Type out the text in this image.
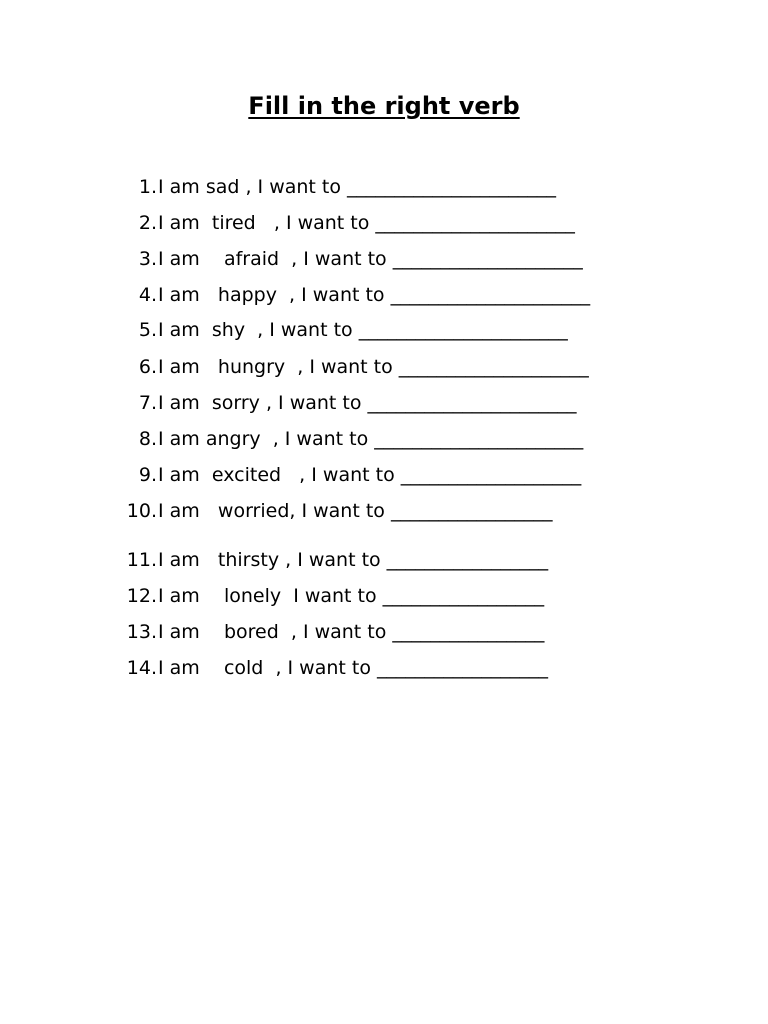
Fill in the right verb
1. I am sad , I want to ______________________
2. I am  tired   , I want to _____________________
3. I am    afraid  , I want to ____________________
4. I am   happy  , I want to _____________________
5. I am  shy  , I want to ______________________
6. I am   hungry  , I want to ____________________
7. I am  sorry , I want to ______________________
8. I am angry  , I want to ______________________
9. I am  excited   , I want to ___________________
10. I am   worried, I want to _________________
11. I am   thirsty , I want to _________________
12. I am    lonely  I want to _________________
13. I am    bored  , I want to ________________
14. I am    cold  , I want to __________________
